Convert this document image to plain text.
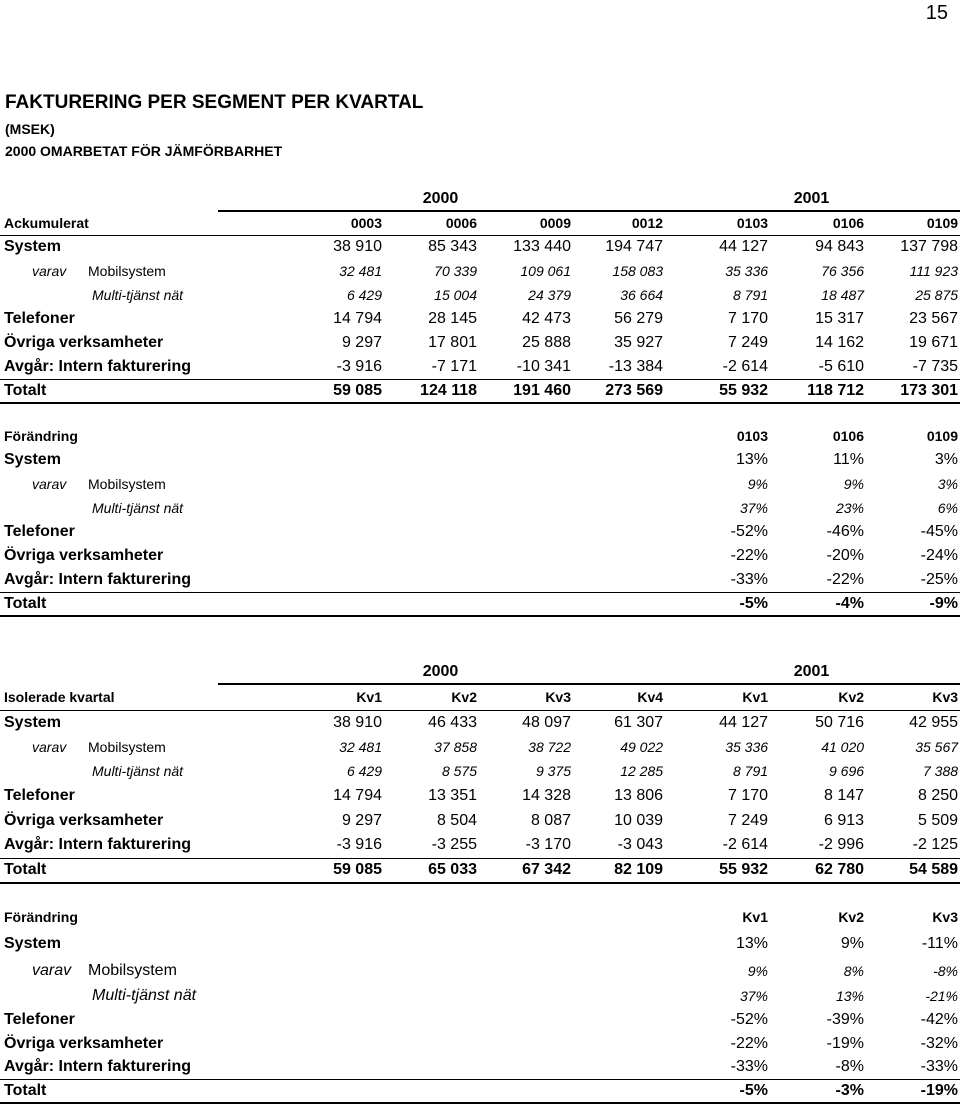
15
FAKTURERING PER SEGMENT PER KVARTAL
(MSEK)
2000 OMARBETAT FÖR JÄMFÖRBARHET
	2000				2001		
Ackumulerat	0003	0006	0009	0012	0103	0106	0109
System	38 910	85 343	133 440	194 747	44 127	94 843	137 798
varav Mobilsystem	32 481	70 339	109 061	158 083	35 336	76 356	111 923
Multi-tjänst nät	6 429	15 004	24 379	36 664	8 791	18 487	25 875
Telefoner	14 794	28 145	42 473	56 279	7 170	15 317	23 567
Övriga verksamheter	9 297	17 801	25 888	35 927	7 249	14 162	19 671
Avgår: Intern fakturering	-3 916	-7 171	-10 341	-13 384	-2 614	-5 610	-7 735
Totalt	59 085	124 118	191 460	273 569	55 932	118 712	173 301
Förändring		0103	0106	0109
System		13%	11%	3%
varav Mobilsystem		9%	9%	3%
Multi-tjänst nät		37%	23%	6%
Telefoner		-52%	-46%	-45%
Övriga verksamheter		-22%	-20%	-24%
Avgår: Intern fakturering		-33%	-22%	-25%
Totalt		-5%	-4%	-9%
	2000				2001		
Isolerade kvartal	Kv1	Kv2	Kv3	Kv4	Kv1	Kv2	Kv3
System	38 910	46 433	48 097	61 307	44 127	50 716	42 955
varav Mobilsystem	32 481	37 858	38 722	49 022	35 336	41 020	35 567
Multi-tjänst nät	6 429	8 575	9 375	12 285	8 791	9 696	7 388
Telefoner	14 794	13 351	14 328	13 806	7 170	8 147	8 250
Övriga verksamheter	9 297	8 504	8 087	10 039	7 249	6 913	5 509
Avgår: Intern fakturering	-3 916	-3 255	-3 170	-3 043	-2 614	-2 996	-2 125
Totalt	59 085	65 033	67 342	82 109	55 932	62 780	54 589
Förändring		Kv1	Kv2	Kv3
System		13%	9%	-11%
varav Mobilsystem		9%	8%	-8%
Multi-tjänst nät		37%	13%	-21%
Telefoner		-52%	-39%	-42%
Övriga verksamheter		-22%	-19%	-32%
Avgår: Intern fakturering		-33%	-8%	-33%
Totalt		-5%	-3%	-19%
